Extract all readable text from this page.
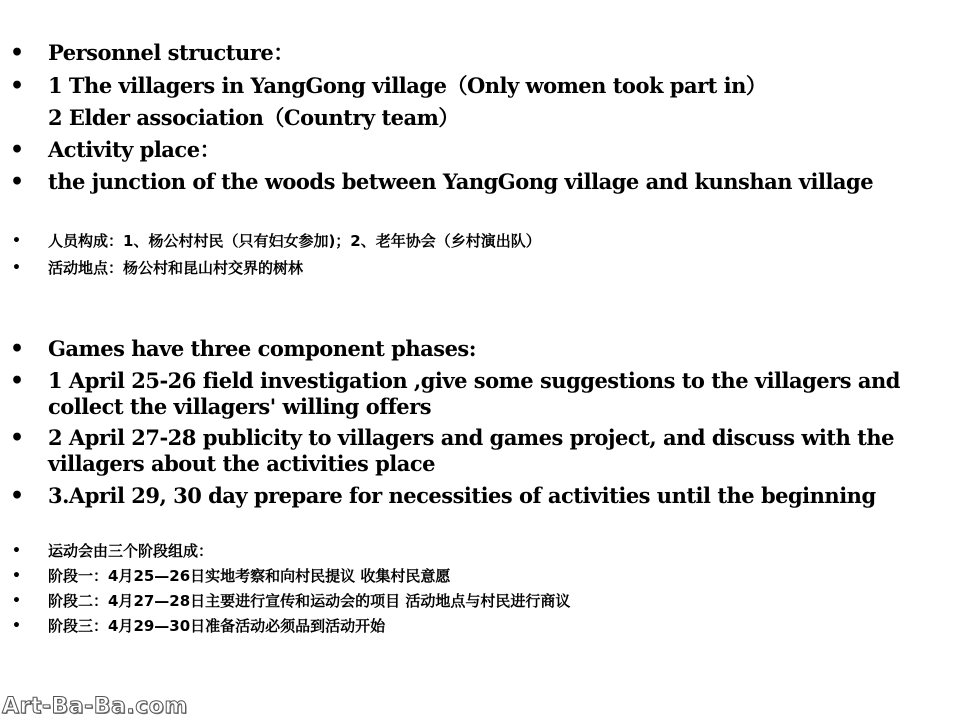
• Personnel structure：
• 1 The villagers in YangGong village（Only women took part in）
2 Elder association（Country team）
• Activity place：
• the junction of the woods between YangGong village and kunshan village
• 人员构成：1、杨公村村民（只有妇女参加)；2、老年协会（乡村演出队）
• 活动地点：杨公村和昆山村交界的树林
• Games have three component phases:
• 1 April 25-26 field investigation ,give some suggestions to the villagers and
collect the villagers' willing offers
• 2 April 27-28 publicity to villagers and games project, and discuss with the
villagers about the activities place
• 3.April 29, 30 day prepare for necessities of activities until the beginning
• 运动会由三个阶段组成：
• 阶段一：4月25—26日实地考察和向村民提议 收集村民意愿
• 阶段二：4月27—28日主要进行宣传和运动会的项目 活动地点与村民进行商议
• 阶段三：4月29—30日准备活动必须品到活动开始
Art-Ba-Ba.com
